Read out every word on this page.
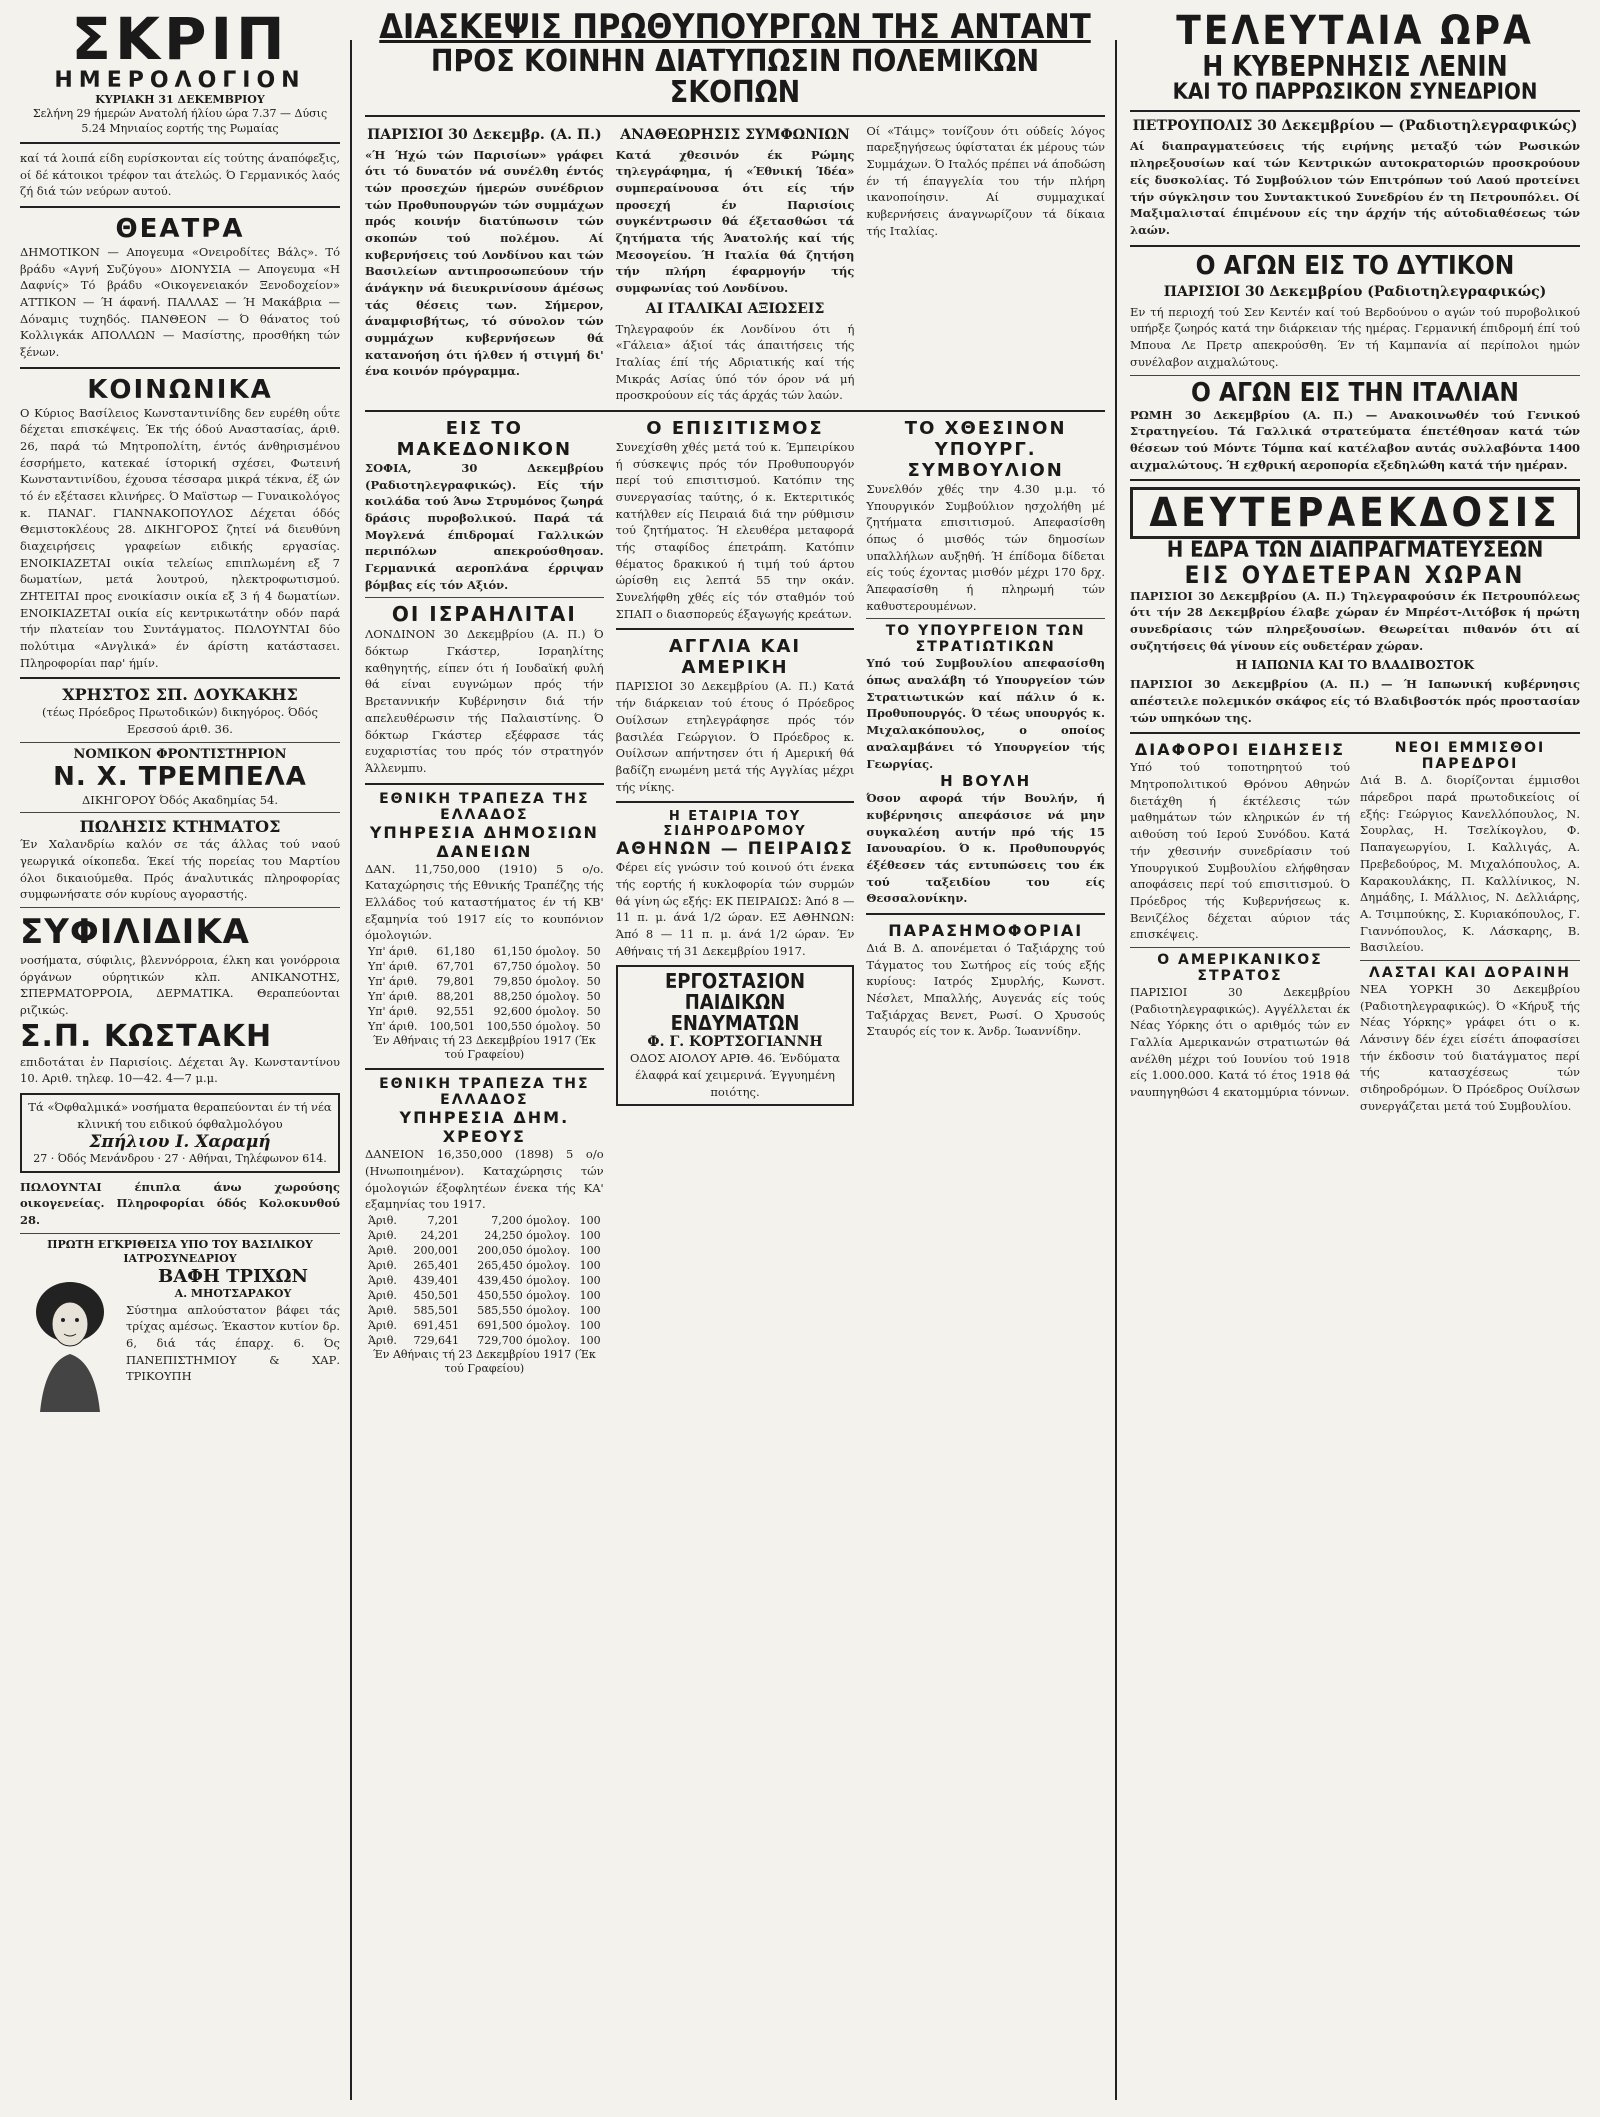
ΣΚΡΙΠ
ΗΜΕΡΟΛΟΓΙΟΝ
ΚΥΡΙΑΚΗ 31 ΔΕΚΕΜΒΡΙΟΥ
Σελήνη 29 ήμερών Ανατολή ήλίου ώρα 7.37 — Δύσις 5.24 Μηνιαίος εορτής της Ρωμαίας
καί τά λοιπά είδη ευρίσκονται είς τούτης άναπόφεξις, οί δέ κάτοικοι τρέφον ται άτελώς. Ό Γερμανικός λαός ζή διά τών νεύρων αυτού.
ΘΕΑΤΡΑ
ΔΗΜΟΤΙΚΟΝ — Απογευμα «Ονειροδίτες Βάλς». Τό βράδυ «Αγνή Συζύγου» ΔΙΟΝΥΣΙΑ — Απογευμα «Η Δαφνίς» Τό βράδυ «Οικογενειακόν Ξενοδοχείον» ΑΤΤΙΚΟΝ — Ή άφανή. ΠΑΛΛΑΣ — Ή Μακάβρια — Δόναμις τυχηδός. ΠΑΝΘΕΟΝ — Ό θάνατος τού Κολλιγκάκ ΑΠΟΛΛΩΝ — Μασίστης, προσθήκη τών ξένων.
ΚΟΙΝΩΝΙΚΑ
Ο Κύριος Βασίλειος Κωνσταντινίδης δεν ευρέθη οΰτε δέχεται επισκέψεις. Έκ τής όδού Αναστασίας, άριθ. 26, παρά τώ Μητροπολίτη, έντός άνθηρισμένου έσσρήμετο, κατεκαέ ίστορική σχέσει, Φωτεινή Κωνσταντινίδου, έχουσα τέσσαρα μικρά τέκνα, έξ ών τό έν εξέτασει κλινήρες. Ό Μαϊστωρ — Γυναικολόγος κ. ΠΑΝΑΓ. ΓΙΑΝΝΑΚΟΠΟΥΛΟΣ Δέχεται όδός Θεμιστοκλέους 28. ΔΙΚΗΓΟΡΟΣ ζητεί νά διευθύνη διαχειρήσεις γραφείων ειδικής εργασίας. ΕΝΟΙΚΙΑΖΕΤΑΙ οικία τελείως επιπλωμένη εξ 7 δωματίων, μετά λουτρού, ηλεκτροφωτισμού. ΖΗΤΕΙΤΑΙ προς ενοικίασιν οικία εξ 3 ή 4 δωματίων. ΕΝΟΙΚΙΑΖΕΤΑΙ οικία είς κεντρικωτάτην οδόν παρά τήν πλατείαν του Συντάγματος. ΠΩΛΟΥΝΤΑΙ δύο πολύτιμα «Ανγλικά» έν άρίστη κατάστασει. Πληροφορίαι παρ' ήμίν.
ΧΡΗΣΤΟΣ ΣΠ. ΔΟΥΚΑΚΗΣ
(τέως Πρόεδρος Πρωτοδικών) δικηγόρος. Όδός Ερεσσού άριθ. 36.
ΝΟΜΙΚΟΝ ΦΡΟΝΤΙΣΤΗΡΙΟΝ
Ν. Χ. ΤΡΕΜΠΕΛΑ
ΔΙΚΗΓΟΡΟΥ Όδός Ακαδημίας 54.
ΠΩΛΗΣΙΣ ΚΤΗΜΑΤΟΣ
Έν Χαλανδρίω καλόν σε τάς άλλας τού ναού γεωργικά οίκοπεδα. Έκεί τής πορείας του Μαρτίου όλοι δικαιούμεθα. Πρός άναλυτικάς πληροφορίας συμφωνήσατε σόν κυρίους αγοραστής.
ΣΥΦΙΛΙΔΙΚΑ
νοσήματα, σύφιλις, βλεννόρροια, έλκη και γονόρροια όργάνων ούρητικών κλπ. ΑΝΙΚΑΝΟΤΗΣ, ΣΠΕΡΜΑΤΟΡΡΟΙΑ, ΔΕΡΜΑΤΙΚΑ. Θεραπεύονται ριζικώς.
Σ.Π. ΚΩΣΤΑΚΗ
επιδοτάται ἐν Παρισίοις. Δέχεται Άγ. Κωνσταντίνου 10. Αριθ. τηλεφ. 10—42. 4—7 μ.μ.
Τά «Όφθαλμικά» νοσήματα θεραπεύονται έν τή νέα κλινική του ειδικού όφθαλμολόγου
Σπήλιου Ι. Χαραμή
27 · Όδός Μενάνδρου · 27 · Αθήναι, Τηλέφωνον 614.
ΠΩΛΟΥΝΤΑΙ έπιπλα άνω χωρούσης οικογενείας. Πληροφορίαι όδός Κολοκυνθού 28.
ΠΡΩΤΗ ΕΓΚΡΙΘΕΙΣΑ ΥΠΟ ΤΟΥ ΒΑΣΙΛΙΚΟΥ ΙΑΤΡΟΣΥΝΕΔΡΙΟΥ
ΒΑΦΗ ΤΡΙΧΩΝ
Α. ΜΗΟΤΣΑΡΑΚΟΥ
Σύστημα απλούστατον βάφει τάς τρίχας αμέσως. Έκαστον κυτίον δρ. 6, διά τάς έπαρχ. 6. Ός ΠΑΝΕΠΙΣΤΗΜΙΟΥ & ΧΑΡ. ΤΡΙΚΟΥΠΗ
ΔΙΑΣΚΕΨΙΣ ΠΡΩΘΥΠΟΥΡΓΩΝ ΤΗΣ ΑΝΤΑΝΤ
ΠΡΟΣ ΚΟΙΝΗΝ ΔΙΑΤΥΠΩΣΙΝ ΠΟΛΕΜΙΚΩΝ ΣΚΟΠΩΝ
ΠΑΡΙΣΙΟΙ 30 Δεκεμβρ. (Α. Π.)
«Ή Ήχώ τών Παρισίων» γράφει ότι τό δυνατόν νά συνέλθη έντός τών προσεχών ήμερών συνέδριον τών Προθυπουργών τών συμμάχων πρός κοινήν διατύπωσιν τών σκοπών τού πολέμου. Αί κυβερνήσεις τού Λονδίνου και τών Βασιλείων αντιπροσωπεύουν τήν άνάγκην νά διευκρινίσουν άμέσως τάς θέσεις των. Σήμερον, άναμφισβήτως, τό σύνολον τών συμμάχων κυβερνήσεων θά κατανοήση ότι ήλθεν ή στιγμή δι' ένα κοινόν πρόγραμμα.
ΑΝΑΘΕΩΡΗΣΙΣ ΣΥΜΦΩΝΙΩΝ
Κατά χθεσινόν έκ Ρώμης τηλεγράφημα, ή «Έθνική Ίδέα» συμπεραίνουσα ότι είς τήν προσεχή έν Παρισίοις συγκέντρωσιν θά έξετασθώσι τά ζητήματα τής Άνατολής καί τής Μεσογείου. Ή Ιταλία θά ζητήση τήν πλήρη έφαρμογήν τής συμφωνίας τού Λονδίνου.
ΑΙ ΙΤΑΛΙΚΑΙ ΑΞΙΩΣΕΙΣ
Τηλεγραφούν έκ Λονδίνου ότι ή «Γάλεια» άξιοί τάς άπαιτήσεις τής Ιταλίας έπί τής Αδριατικής καί τής Μικράς Ασίας ύπό τόν όρον νά μή προσκρούουν είς τάς άρχάς τών λαών.
Οί «Τάιμς» τονίζουν ότι ούδείς λόγος παρεξηγήσεως ύφίσταται έκ μέρους τών Συμμάχων. Ό Ιταλός πρέπει νά άποδώση έν τή έπαγγελία του τήν πλήρη ικανοποίησιν. Αί συμμαχικαί κυβερνήσεις άναγνωρίζουν τά δίκαια τής Ιταλίας.
ΕΙΣ ΤΟ ΜΑΚΕΔΟΝΙΚΟΝ
ΣΟΦΙΑ, 30 Δεκεμβρίου (Ραδιοτηλεγραφικώς). Είς τήν κοιλάδα τού Άνω Στρυμόνος ζωηρά δράσις πυροβολικού. Παρά τά Μογλενά έπιδρομαί Γαλλικών περιπόλων απεκρούσθησαν. Γερμανικά αεροπλάνα έρριψαν βόμβας είς τόν Αξιόν.
ΟΙ ΙΣΡΑΗΛΙΤΑΙ
ΛΟΝΔΙΝΟΝ 30 Δεκεμβρίου (Α. Π.) Ό δόκτωρ Γκάστερ, Ισραηλίτης καθηγητής, είπεν ότι ή Ιουδαϊκή φυλή θά είναι ευγνώμων πρός τήν Βρεταννικήν Κυβέρνησιν διά τήν απελευθέρωσιν τής Παλαιστίνης. Ό δόκτωρ Γκάστερ εξέφρασε τάς ευχαριστίας του πρός τόν στρατηγόν Άλλενμπυ.
ΕΘΝΙΚΗ ΤΡΑΠΕΖΑ ΤΗΣ ΕΛΛΑΔΟΣ
ΥΠΗΡΕΣΙΑ ΔΗΜΟΣΙΩΝ ΔΑΝΕΙΩΝ
ΔΑΝ. 11,750,000 (1910) 5 ο/ο. Καταχώρησις τής Εθνικής Τραπέζης τής Ελλάδος τού καταστήματος έν τή ΚΒ' εξαμηνία τού 1917 είς το κουπόνιον όμολογιών.
Υπ' άριθ.	61,180	61,150 όμολογ.	50
Υπ' άριθ.	67,701	67,750 όμολογ.	50
Υπ' άριθ.	79,801	79,850 όμολογ.	50
Υπ' άριθ.	88,201	88,250 όμολογ.	50
Υπ' άριθ.	92,551	92,600 όμολογ.	50
Υπ' άριθ.	100,501	100,550 όμολογ.	50
Έν Αθήναις τή 23 Δεκεμβρίου 1917 (Έκ τού Γραφείου)
ΕΘΝΙΚΗ ΤΡΑΠΕΖΑ ΤΗΣ ΕΛΛΑΔΟΣ
ΥΠΗΡΕΣΙΑ ΔΗΜ. ΧΡΕΟΥΣ
ΔΑΝΕΙΟΝ 16,350,000 (1898) 5 ο/ο (Ηνωποιημένον). Καταχώρησις τών όμολογιών έξοφλητέων ένεκα τής ΚΑ' εξαμηνίας του 1917.
Άριθ.	7,201	7,200 όμολογ.	100
Άριθ.	24,201	24,250 όμολογ.	100
Άριθ.	200,001	200,050 όμολογ.	100
Άριθ.	265,401	265,450 όμολογ.	100
Άριθ.	439,401	439,450 όμολογ.	100
Άριθ.	450,501	450,550 όμολογ.	100
Άριθ.	585,501	585,550 όμολογ.	100
Άριθ.	691,451	691,500 όμολογ.	100
Άριθ.	729,641	729,700 όμολογ.	100
Έν Αθήναις τή 23 Δεκεμβρίου 1917 (Έκ τού Γραφείου)
Ο ΕΠΙΣΙΤΙΣΜΟΣ
Συνεχίσθη χθές μετά τού κ. Έμπειρίκου ή σύσκεψις πρός τόν Προθυπουργόν περί τού επισιτισμού. Κατόπιν της συνεργασίας ταύτης, ό κ. Εκτεριτικός κατήλθεν είς Πειραιά διά την ρύθμισιν τού ζητήματος. Ή ελευθέρα μεταφορά τής σταφίδος έπετράπη. Κατόπιν θέματος δρακικού ή τιμή τού άρτου ώρίσθη εις λεπτά 55 την οκάν. Συνελήφθη χθές είς τόν σταθμόν τού ΣΠΑΠ ο διασπορεύς έξαγωγής κρεάτων.
ΑΓΓΛΙΑ ΚΑΙ ΑΜΕΡΙΚΗ
ΠΑΡΙΣΙΟΙ 30 Δεκεμβρίου (Α. Π.) Κατά τήν διάρκειαν τού έτους ό Πρόεδρος Ουίλσων ετηλεγράφησε πρός τόν βασιλέα Γεώργιον. Ό Πρόεδρος κ. Ουίλσων απήντησεν ότι ή Αμερική θά βαδίζη ενωμένη μετά τής Αγγλίας μέχρι τής νίκης.
Η ΕΤΑΙΡΙΑ ΤΟΥ ΣΙΔΗΡΟΔΡΟΜΟΥ
ΑΘΗΝΩΝ — ΠΕΙΡΑΙΩΣ
Φέρει είς γνώσιν τού κοινού ότι ένεκα τής εορτής ή κυκλοφορία τών συρμών θά γίνη ώς εξής: ΕΚ ΠΕΙΡΑΙΩΣ: Άπό 8 — 11 π. μ. άνά 1/2 ώραν. ΕΞ ΑΘΗΝΩΝ: Άπό 8 — 11 π. μ. άνά 1/2 ώραν. Έν Αθήναις τή 31 Δεκεμβρίου 1917.
ΕΡΓΟΣΤΑΣΙΟΝ ΠΑΙΔΙΚΩΝ ΕΝΔΥΜΑΤΩΝ
Φ. Γ. ΚΟΡΤΣΟΓΙΑΝΝΗ
ΟΔΟΣ ΑΙΟΛΟΥ ΑΡΙΘ. 46. Ένδύματα έλαφρά καί χειμερινά. Έγγυημένη ποιότης.
ΤΟ ΧΘΕΣΙΝΟΝ ΥΠΟΥΡΓ. ΣΥΜΒΟΥΛΙΟΝ
Συνελθόν χθές την 4.30 μ.μ. τό Υπουργικόν Συμβούλιον ησχολήθη μέ ζητήματα επισιτισμού. Απεφασίσθη όπως ό μισθός τών δημοσίων υπαλλήλων αυξηθή. Ή έπίδομα δίδεται είς τούς έχοντας μισθόν μέχρι 170 δρχ. Άπεφασίσθη ή πληρωμή τών καθυστερουμένων.
ΤΟ ΥΠΟΥΡΓΕΙΟΝ ΤΩΝ ΣΤΡΑΤΙΩΤΙΚΩΝ
Υπό τού Συμβουλίου απεφασίσθη όπως αναλάβη τό Υπουργείον τών Στρατιωτικών καί πάλιν ό κ. Προθυπουργός. Ό τέως υπουργός κ. Μιχαλακόπουλος, ο οποίος αναλαμβάνει τό Υπουργείον τής Γεωργίας.
Η ΒΟΥΛΗ
Όσον αφορά τήν Βουλήν, ή κυβέρνησις απεφάσισε νά μην συγκαλέση αυτήν πρό τής 15 Ιανουαρίου. Ό κ. Προθυπουργός έξέθεσεν τάς εντυπώσεις του έκ τού ταξειδίου του είς Θεσσαλονίκην.
ΠΑΡΑΣΗΜΟΦΟΡΙΑΙ
Διά Β. Δ. απονέμεται ό Ταξιάρχης τού Τάγματος του Σωτήρος είς τούς εξής κυρίους: Ιατρός Σμυρλής, Κωνστ. Νέσλετ, Μπαλλής, Αυγενάς είς τούς Ταξιάρχας Βενετ, Ρωσί. Ο Χρυσούς Σταυρός είς τον κ. Άνδρ. Ίωαννίδην.
ΤΕΛΕΥΤΑΙΑ ΩΡΑ
Η ΚΥΒΕΡΝΗΣΙΣ ΛΕΝΙΝ
ΚΑΙ ΤΟ ΠΑΡΡΩΣΙΚΟΝ ΣΥΝΕΔΡΙΟΝ
ΠΕΤΡΟΥΠΟΛΙΣ 30 Δεκεμβρίου — (Ραδιοτηλεγραφικώς)
Αί διαπραγματεύσεις τής ειρήνης μεταξύ τών Ρωσικών πληρεξουσίων καί τών Κεντρικών αυτοκρατοριών προσκρούουν είς δυσκολίας. Τό Συμβούλιον τών Επιτρόπων τού Λαού προτείνει τήν σύγκλησιν του Συντακτικού Συνεδρίου έν τη Πετρουπόλει. Οί Μαξιμαλισταί έπιμένουν είς την άρχήν τής αύτοδιαθέσεως τών λαών.
Ο ΑΓΩΝ ΕΙΣ ΤΟ ΔΥΤΙΚΟΝ
ΠΑΡΙΣΙΟΙ 30 Δεκεμβρίου (Ραδιοτηλεγραφικώς)
Εν τή περιοχή τού Σεν Κεντέν καί τού Βερδούνου ο αγών τού πυροβολικού υπήρξε ζωηρός κατά την διάρκειαν τής ημέρας. Γερμανική έπιδρομή έπί τού Μπουα Λε Πρετρ απεκρούσθη. Έν τή Καμπανία αί περίπολοι ημών συνέλαβον αιχμαλώτους.
Ο ΑΓΩΝ ΕΙΣ ΤΗΝ ΙΤΑΛΙΑΝ
ΡΩΜΗ 30 Δεκεμβρίου (Α. Π.) — Ανακοινωθέν τού Γενικού Στρατηγείου. Τά Γαλλικά στρατεύματα έπετέθησαν κατά τών θέσεων τού Μόντε Τόμπα καί κατέλαβον αυτάς συλλαβόντα 1400 αιχμαλώτους. Ή εχθρική αεροπορία εξεδηλώθη κατά τήν ημέραν.
ΔΕΥΤΕΡΑΕΚΔΟΣΙΣ
Η ΕΔΡΑ ΤΩΝ ΔΙΑΠΡΑΓΜΑΤΕΥΣΕΩΝ
ΕΙΣ ΟΥΔΕΤΕΡΑΝ ΧΩΡΑΝ
ΠΑΡΙΣΙΟΙ 30 Δεκεμβρίου (Α. Π.) Τηλεγραφούσιν έκ Πετρουπόλεως ότι τήν 28 Δεκεμβρίου έλαβε χώραν έν Μπρέστ-Λιτόβσκ ή πρώτη συνεδρίασις τών πληρεξουσίων. Θεωρείται πιθανόν ότι αί συζητήσεις θά γίνουν είς ουδετέραν χώραν.
Η ΙΑΠΩΝΙΑ ΚΑΙ ΤΟ ΒΛΑΔΙΒΟΣΤΟΚ
ΠΑΡΙΣΙΟΙ 30 Δεκεμβρίου (Α. Π.) — Ή Ιαπωνική κυβέρνησις απέστειλε πολεμικόν σκάφος είς τό Βλαδιβοστόκ πρός προστασίαν τών υπηκόων της.
ΔΙΑΦΟΡΟΙ ΕΙΔΗΣΕΙΣ
Υπό τού τοποτηρητού τού Μητροπολιτικού Θρόνου Αθηνών διετάχθη ή έκτέλεσις τών μαθημάτων τών κληρικών έν τή αιθούση τού Ιερού Συνόδου. Κατά τήν χθεσινήν συνεδρίασιν τού Υπουργικού Συμβουλίου ελήφθησαν αποφάσεις περί τού επισιτισμού. Ό Πρόεδρος τής Κυβερνήσεως κ. Βενιζέλος δέχεται αύριον τάς επισκέψεις.
Ο ΑΜΕΡΙΚΑΝΙΚΟΣ ΣΤΡΑΤΟΣ
ΠΑΡΙΣΙΟΙ 30 Δεκεμβρίου (Ραδιοτηλεγραφικώς). Αγγέλλεται έκ Νέας Υόρκης ότι ο αριθμός τών εν Γαλλία Αμερικανών στρατιωτών θά ανέλθη μέχρι τού Ιουνίου τού 1918 είς 1.000.000. Κατά τό έτος 1918 θά ναυπηγηθώσι 4 εκατομμύρια τόννων.
ΝΕΟΙ ΕΜΜΙΣΘΟΙ ΠΑΡΕΔΡΟΙ
Διά Β. Δ. διορίζονται έμμισθοι πάρεδροι παρά πρωτοδικείοις οί εξής: Γεώργιος Κανελλόπουλος, Ν. Σουρλας, Η. Τσελίκογλου, Φ. Παπαγεωργίου, Ι. Καλλιγάς, Α. Πρεβεδούρος, Μ. Μιχαλόπουλος, Α. Καρακουλάκης, Π. Καλλίνικος, Ν. Δημάδης, Ι. Μάλλιος, Ν. Δελλιάρης, Α. Τσιμπούκης, Σ. Κυριακόπουλος, Γ. Γιαννόπουλος, Κ. Λάσκαρης, Β. Βασιλείου.
ΛΑΣΤΑΙ ΚΑΙ ΔΟΡΑΙΝΗ
ΝΕΑ ΥΟΡΚΗ 30 Δεκεμβρίου (Ραδιοτηλεγραφικώς). Ό «Κήρυξ τής Νέας Υόρκης» γράφει ότι ο κ. Λάνσινγ δέν έχει είσέτι άποφασίσει τήν έκδοσιν τού διατάγματος περί τής κατασχέσεως τών σιδηροδρόμων. Ό Πρόεδρος Ουίλσων συνεργάζεται μετά τού Συμβουλίου.
